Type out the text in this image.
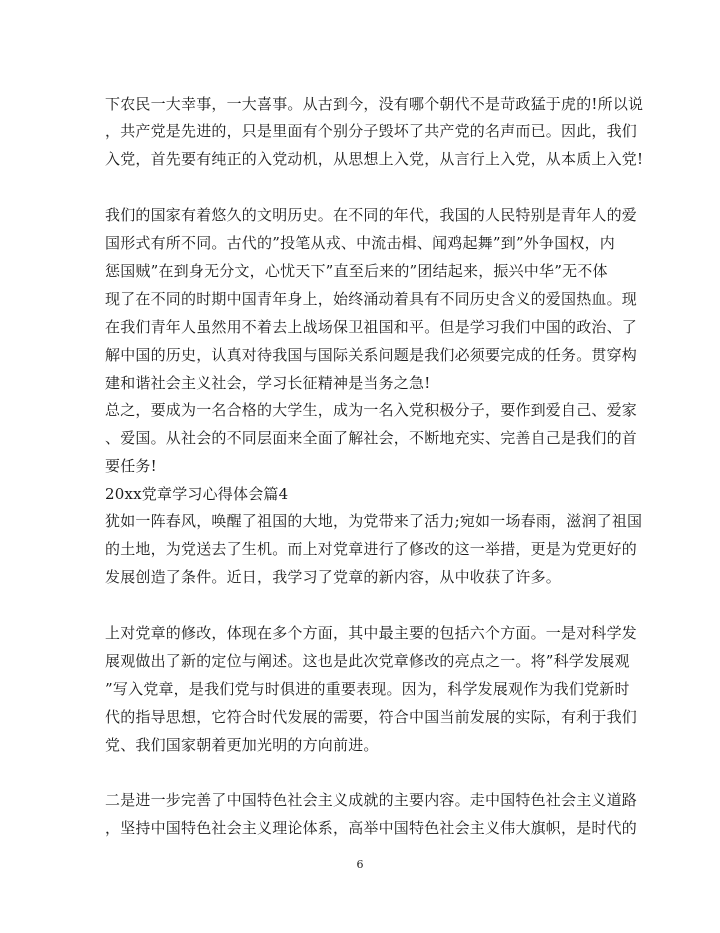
下农民一大幸事，一大喜事。从古到今，没有哪个朝代不是苛政猛于虎的!所以说
，共产党是先进的，只是里面有个别分子毁坏了共产党的名声而已。因此，我们
入党，首先要有纯正的入党动机，从思想上入党，从言行上入党，从本质上入党!
我们的国家有着悠久的文明历史。在不同的年代，我国的人民特别是青年人的爱
国形式有所不同。古代的”投笔从戎、中流击楫、闻鸡起舞”到”外争国权，内
惩国贼”在到身无分文，心忧天下”直至后来的”团结起来，振兴中华”无不体
现了在不同的时期中国青年身上，始终涌动着具有不同历史含义的爱国热血。现
在我们青年人虽然用不着去上战场保卫祖国和平。但是学习我们中国的政治、了
解中国的历史，认真对待我国与国际关系问题是我们必须要完成的任务。贯穿构
建和谐社会主义社会，学习长征精神是当务之急!
总之，要成为一名合格的大学生，成为一名入党积极分子，要作到爱自己、爱家
、爱国。从社会的不同层面来全面了解社会，不断地充实、完善自己是我们的首
要任务!
20xx党章学习心得体会篇4
犹如一阵春风，唤醒了祖国的大地，为党带来了活力;宛如一场春雨，滋润了祖国
的土地，为党送去了生机。而上对党章进行了修改的这一举措，更是为党更好的
发展创造了条件。近日，我学习了党章的新内容，从中收获了许多。
上对党章的修改，体现在多个方面，其中最主要的包括六个方面。一是对科学发
展观做出了新的定位与阐述。这也是此次党章修改的亮点之一。将”科学发展观
”写入党章，是我们党与时俱进的重要表现。因为，科学发展观作为我们党新时
代的指导思想，它符合时代发展的需要，符合中国当前发展的实际，有利于我们
党、我们国家朝着更加光明的方向前进。
二是进一步完善了中国特色社会主义成就的主要内容。走中国特色社会主义道路
，坚持中国特色社会主义理论体系，高举中国特色社会主义伟大旗帜，是时代的
6
